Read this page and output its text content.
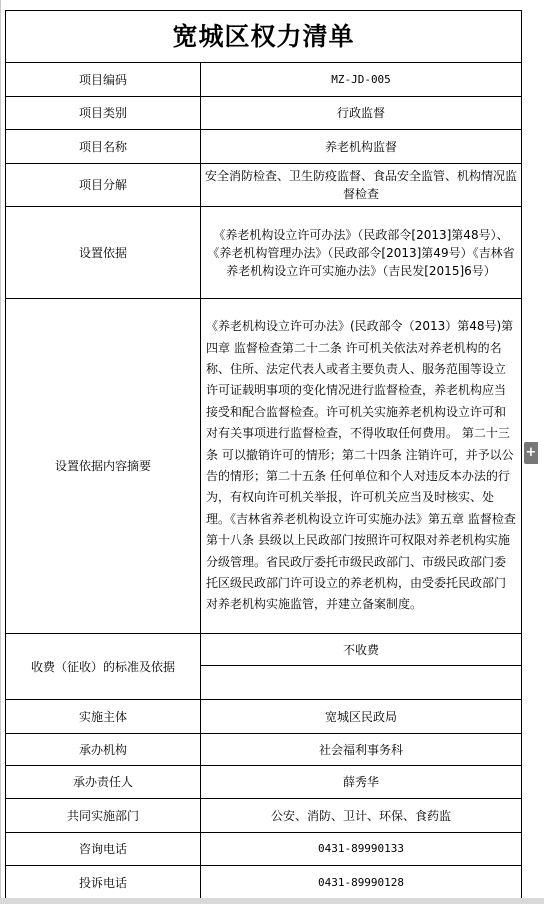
宽城区权力清单	
项目编码	MZ-JD-005
项目类别	行政监督
项目名称	养老机构监督
项目分解	安全消防检查、卫生防疫监督、食品安全监管、机构情况监督检查
设置依据	《养老机构设立许可办法》（民政部令[2013]第48号）、《养老机构管理办法》（民政部令[2013]第49号）《吉林省养老机构设立许可实施办法》（吉民发[2015]6号）
设置依据内容摘要	《养老机构设立许可办法》(民政部令（2013）第48号)第四章 监督检查第二十二条 许可机关依法对养老机构的名称、住所、法定代表人或者主要负责人、服务范围等设立许可证载明事项的变化情况进行监督检查，养老机构应当接受和配合监督检查。许可机关实施养老机构设立许可和对有关事项进行监督检查，不得收取任何费用。 第二十三条 可以撤销许可的情形；第二十四条 注销许可，并予以公告的情形；第二十五条 任何单位和个人对违反本办法的行为，有权向许可机关举报，许可机关应当及时核实、处理。《吉林省养老机构设立许可实施办法》第五章 监督检查 第十八条 县级以上民政部门按照许可权限对养老机构实施分级管理。省民政厅委托市级民政部门、市级民政部门委托区级民政部门许可设立的养老机构，由受委托民政部门对养老机构实施监管，并建立备案制度。
收费（征收）的标准及依据	不收费

实施主体	宽城区民政局
承办机构	社会福利事务科
承办责任人	薛秀华
共同实施部门	公安、消防、卫计、环保、食药监
咨询电话	0431-89990133
投诉电话	0431-89990128
+
